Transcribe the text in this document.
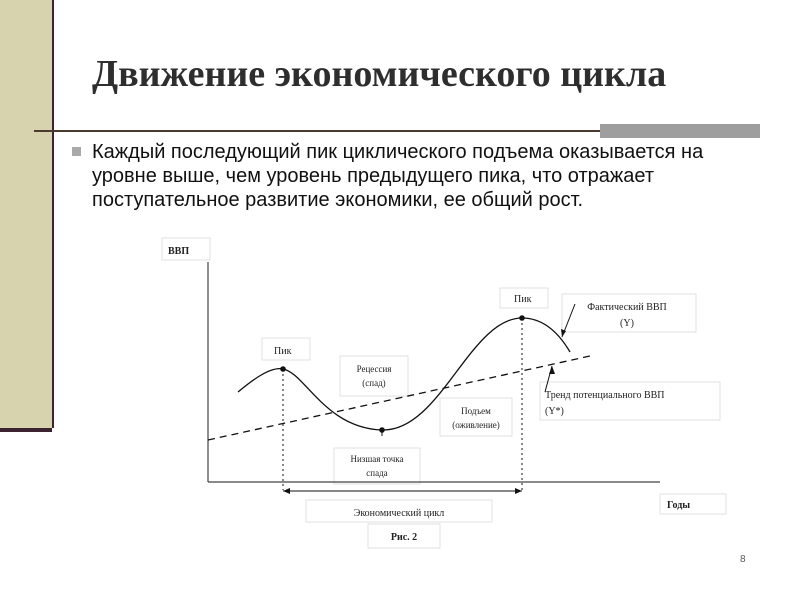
Движение экономического цикла
Каждый последующий пик циклического подъема оказывается на уровне выше, чем уровень предыдущего пика, что отражает поступательное развитие экономики, ее общий рост.
ВВП
Пик
Пик
Рецессия
(спад)
Подъем
(оживление)
Низшая точка
спада
Фактический ВВП
(Y)
Тренд потенциального ВВП
(Y*)
Экономический цикл
Рис. 2
Годы
8
